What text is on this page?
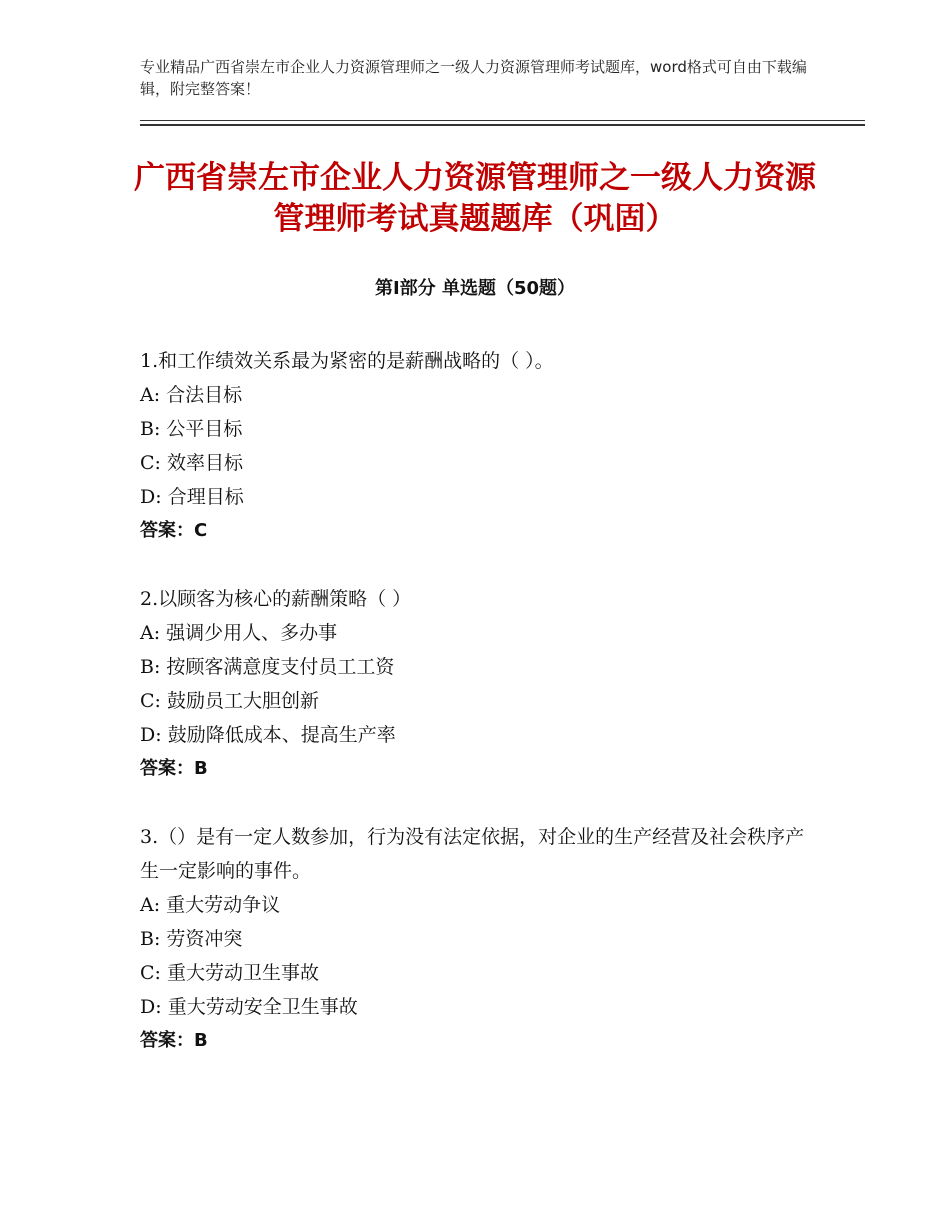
专业精品广西省崇左市企业人力资源管理师之一级人力资源管理师考试题库，word格式可自由下载编辑，附完整答案！
广西省崇左市企业人力资源管理师之一级人力资源管理师考试真题题库（巩固）
第Ⅰ部分 单选题（50题）

1.和工作绩效关系最为紧密的是薪酬战略的（ ）。

A:
合法目标

B:
公平目标

C:
效率目标

D:
合理目标

答案：C

2.以顾客为核心的薪酬策略（ ）

A:
强调少用人、多办事

B:
按顾客满意度支付员工工资

C:
鼓励员工大胆创新

D:
鼓励降低成本、提高生产率

答案：B

3.（）是有一定人数参加，行为没有法定依据，对企业的生产经营及社会秩序产生一定影响的事件。

A:
重大劳动争议

B:
劳资冲突

C:
重大劳动卫生事故

D:
重大劳动安全卫生事故

答案：B
